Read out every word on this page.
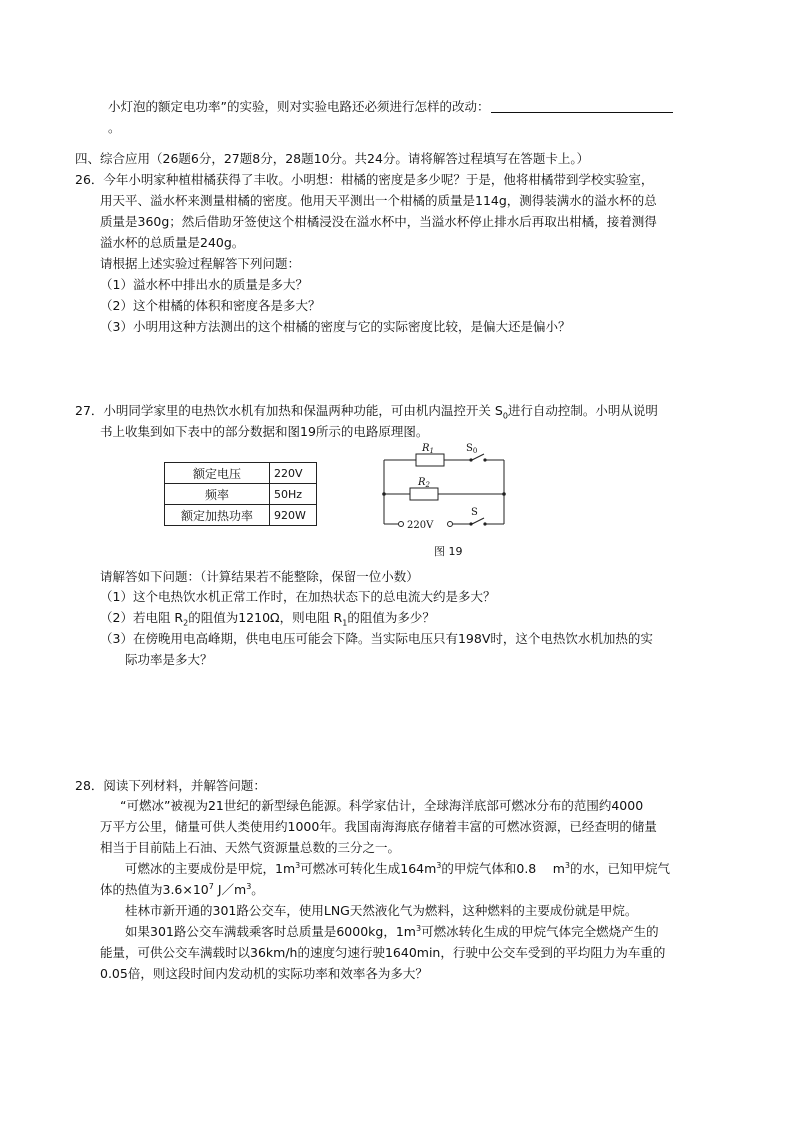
小灯泡的额定电功率”的实验，则对实验电路还必须进行怎样的改动：
。
四、综合应用（26题6分，27题8分，28题10分。共24分。请将解答过程填写在答题卡上。）
26．今年小明家种植柑橘获得了丰收。小明想：柑橘的密度是多少呢？于是，他将柑橘带到学校实验室，
用天平、溢水杯来测量柑橘的密度。他用天平测出一个柑橘的质量是114g，测得装满水的溢水杯的总
质量是360g；然后借助牙签使这个柑橘浸没在溢水杯中，当溢水杯停止排水后再取出柑橘，接着测得
溢水杯的总质量是240g。
请根据上述实验过程解答下列问题：
（1）溢水杯中排出水的质量是多大？
（2）这个柑橘的体积和密度各是多大？
（3）小明用这种方法测出的这个柑橘的密度与它的实际密度比较，是偏大还是偏小？
27．小明同学家里的电热饮水机有加热和保温两种功能，可由机内温控开关 $S_0$进行自动控制。小明从说明
书上收集到如下表中的部分数据和图19所示的电路原理图。
额定电压	220V
频率	50Hz
额定加热功率	920W
$R_1$
$R_2$
$S_0$
220V
S
图 19
请解答如下问题：（计算结果若不能整除，保留一位小数）
（1）这个电热饮水机正常工作时，在加热状态下的总电流大约是多大？
（2）若电阻 $R_2$的阻值为1210Ω，则电阻 $R_1$的阻值为多少？
（3）在傍晚用电高峰期，供电电压可能会下降。当实际电压只有198V时，这个电热饮水机加热的实
际功率是多大？
28．阅读下列材料，并解答问题：
“可燃冰”被视为21世纪的新型绿色能源。科学家估计，全球海洋底部可燃冰分布的范围约4000
万平方公里，储量可供人类使用约1000年。我国南海海底存储着丰富的可燃冰资源，已经查明的储量
相当于目前陆上石油、天然气资源量总数的三分之一。
可燃冰的主要成份是甲烷，$1m^3$可燃冰可转化生成$164m^3$的甲烷气体和0.8　 $m^3$的水，已知甲烷气
体的热值为$3.6\times 10^7$ $J/m^3$。
桂林市新开通的301路公交车，使用LNG天然液化气为燃料，这种燃料的主要成份就是甲烷。
如果301路公交车满载乘客时总质量是6000kg，$1m^3$可燃冰转化生成的甲烷气体完全燃烧产生的
能量，可供公交车满载时以36km/h的速度匀速行驶1640min，行驶中公交车受到的平均阻力为车重的
0.05倍，则这段时间内发动机的实际功率和效率各为多大？
